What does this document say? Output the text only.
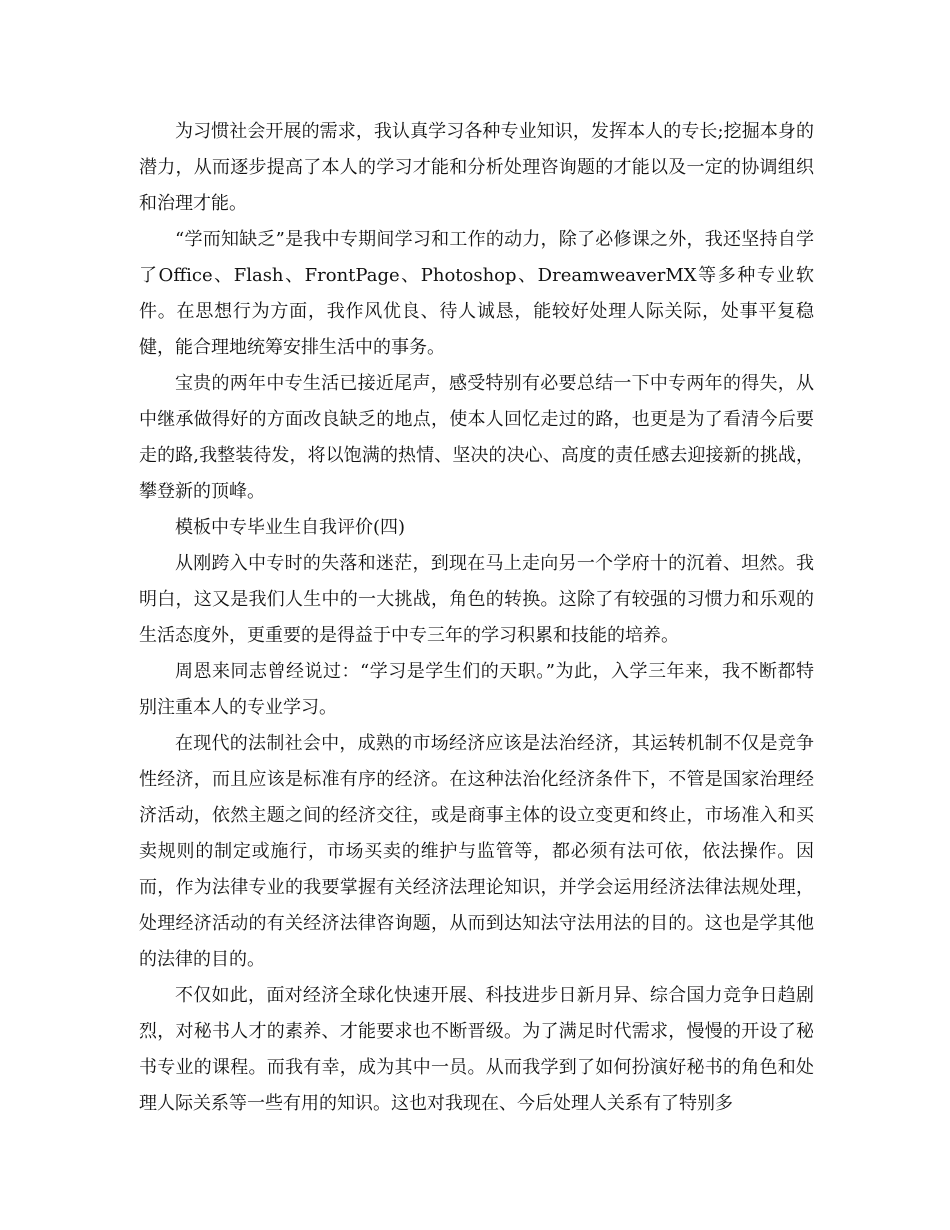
为习惯社会开展的需求，我认真学习各种专业知识，发挥本人的专长;挖掘本身的潜力，从而逐步提高了本人的学习才能和分析处理咨询题的才能以及一定的协调组织和治理才能。

“学而知缺乏”是我中专期间学习和工作的动力，除了必修课之外，我还坚持自学了Office、Flash、FrontPage、Photoshop、DreamweaverMX等多种专业软件。在思想行为方面，我作风优良、待人诚恳，能较好处理人际关际，处事平复稳健，能合理地统筹安排生活中的事务。

宝贵的两年中专生活已接近尾声，感受特别有必要总结一下中专两年的得失，从中继承做得好的方面改良缺乏的地点，使本人回忆走过的路，也更是为了看清今后要走的路,我整装待发，将以饱满的热情、坚决的决心、高度的责任感去迎接新的挑战，攀登新的顶峰。

模板中专毕业生自我评价(四)

从刚跨入中专时的失落和迷茫，到现在马上走向另一个学府十的沉着、坦然。我明白，这又是我们人生中的一大挑战，角色的转换。这除了有较强的习惯力和乐观的生活态度外，更重要的是得益于中专三年的学习积累和技能的培养。

周恩来同志曾经说过：“学习是学生们的天职。”为此，入学三年来，我不断都特别注重本人的专业学习。

在现代的法制社会中，成熟的市场经济应该是法治经济，其运转机制不仅是竞争性经济，而且应该是标准有序的经济。在这种法治化经济条件下，不管是国家治理经济活动，依然主题之间的经济交往，或是商事主体的设立变更和终止，市场准入和买卖规则的制定或施行，市场买卖的维护与监管等，都必须有法可依，依法操作。因而，作为法律专业的我要掌握有关经济法理论知识，并学会运用经济法律法规处理，处理经济活动的有关经济法律咨询题，从而到达知法守法用法的目的。这也是学其他的法律的目的。

不仅如此，面对经济全球化快速开展、科技进步日新月异、综合国力竞争日趋剧烈，对秘书人才的素养、才能要求也不断晋级。为了满足时代需求，慢慢的开设了秘书专业的课程。而我有幸，成为其中一员。从而我学到了如何扮演好秘书的角色和处理人际关系等一些有用的知识。这也对我现在、今后处理人关系有了特别多
